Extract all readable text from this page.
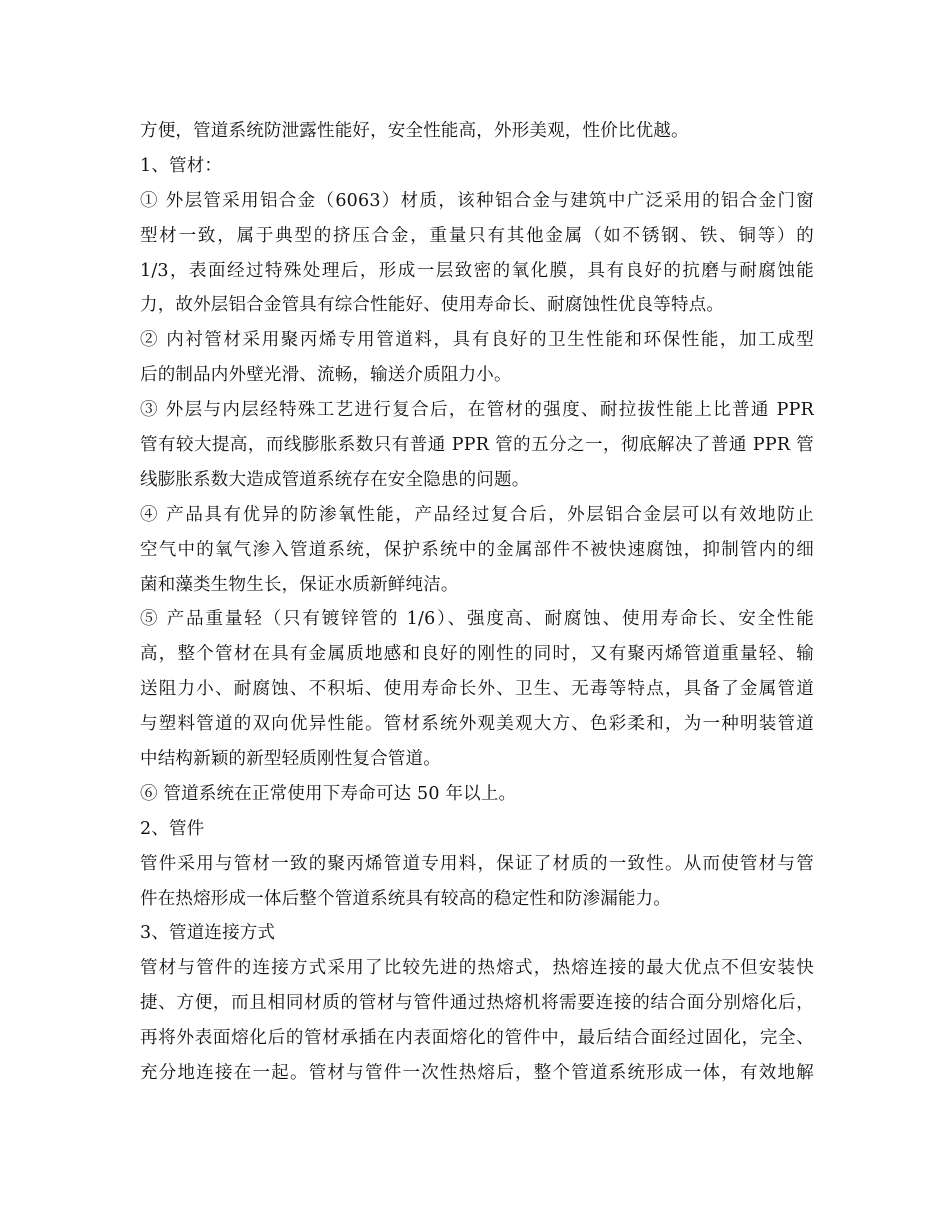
方便，管道系统防泄露性能好，安全性能高，外形美观，性价比优越。
1、管材：
① 外层管采用铝合金（6063）材质，该种铝合金与建筑中广泛采用的铝合金门窗
型材一致，属于典型的挤压合金，重量只有其他金属（如不锈钢、铁、铜等）的
1/3，表面经过特殊处理后，形成一层致密的氧化膜，具有良好的抗磨与耐腐蚀能
力，故外层铝合金管具有综合性能好、使用寿命长、耐腐蚀性优良等特点。
② 内衬管材采用聚丙烯专用管道料，具有良好的卫生性能和环保性能，加工成型
后的制品内外壁光滑、流畅，输送介质阻力小。
③ 外层与内层经特殊工艺进行复合后，在管材的强度、耐拉拔性能上比普通 PPR
管有较大提高，而线膨胀系数只有普通 PPR 管的五分之一，彻底解决了普通 PPR 管
线膨胀系数大造成管道系统存在安全隐患的问题。
④ 产品具有优异的防渗氧性能，产品经过复合后，外层铝合金层可以有效地防止
空气中的氧气渗入管道系统，保护系统中的金属部件不被快速腐蚀，抑制管内的细
菌和藻类生物生长，保证水质新鲜纯洁。
⑤ 产品重量轻（只有镀锌管的 1/6）、强度高、耐腐蚀、使用寿命长、安全性能
高，整个管材在具有金属质地感和良好的刚性的同时，又有聚丙烯管道重量轻、输
送阻力小、耐腐蚀、不积垢、使用寿命长外、卫生、无毒等特点，具备了金属管道
与塑料管道的双向优异性能。管材系统外观美观大方、色彩柔和，为一种明装管道
中结构新颖的新型轻质刚性复合管道。
⑥ 管道系统在正常使用下寿命可达 50 年以上。
2、管件
管件采用与管材一致的聚丙烯管道专用料，保证了材质的一致性。从而使管材与管
件在热熔形成一体后整个管道系统具有较高的稳定性和防渗漏能力。
3、管道连接方式
管材与管件的连接方式采用了比较先进的热熔式，热熔连接的最大优点不但安装快
捷、方便，而且相同材质的管材与管件通过热熔机将需要连接的结合面分别熔化后，
再将外表面熔化后的管材承插在内表面熔化的管件中，最后结合面经过固化，完全、
充分地连接在一起。管材与管件一次性热熔后，整个管道系统形成一体，有效地解
